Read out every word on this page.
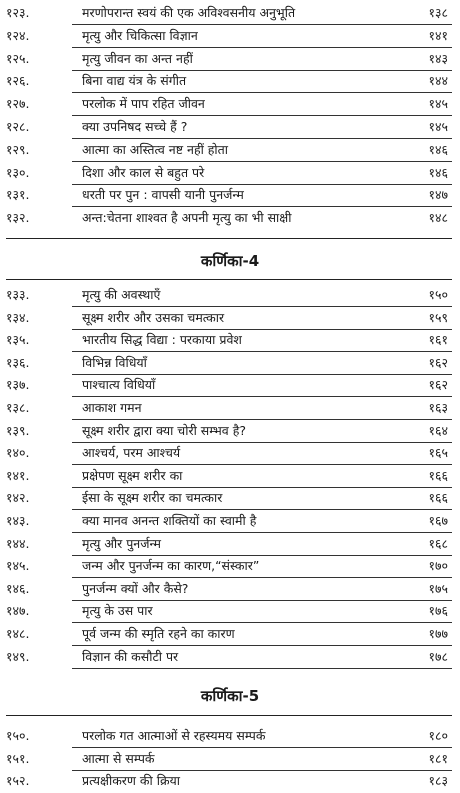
१२३.	मरणोपरान्त स्वयं की एक अविश्वसनीय अनुभूति	१३८
१२४.	मृत्यु और चिकित्सा विज्ञान	१४१
१२५.	मृत्यु जीवन का अन्त नहीं	१४३
१२६.	बिना वाद्य यंत्र के संगीत	१४४
१२७.	परलोक में पाप रहित जीवन	१४५
१२८.	क्या उपनिषद सच्चे हैं ?	१४५
१२९.	आत्मा का अस्तित्व नष्ट नहीं होता	१४६
१३०.	दिशा और काल से बहुत परे	१४६
१३१.	धरती पर पुन : वापसी यानी पुनर्जन्म	१४७
१३२.	अन्त:चेतना शाश्वत है अपनी मृत्यु का भी साक्षी	१४८
कर्णिका-4
१३३.	मृत्यु की अवस्थाएँ	१५०
१३४.	सूक्ष्म शरीर और उसका चमत्कार	१५९
१३५.	भारतीय सिद्ध विद्या : परकाया प्रवेश	१६१
१३६.	विभिन्न विधियाँ	१६२
१३७.	पाश्चात्य विधियाँ	१६२
१३८.	आकाश गमन	१६३
१३९.	सूक्ष्म शरीर द्वारा क्या चोरी सम्भव है?	१६४
१४०.	आश्चर्य, परम आश्चर्य	१६५
१४१.	प्रक्षेपण सूक्ष्म शरीर का	१६६
१४२.	ईसा के सूक्ष्म शरीर का चमत्कार	१६६
१४३.	क्या मानव अनन्त शक्तियों का स्वामी है	१६७
१४४.	मृत्यु और पुनर्जन्म	१६८
१४५.	जन्म और पुनर्जन्म का कारण,“संस्कार”	१७०
१४६.	पुनर्जन्म क्यों और कैसे?	१७५
१४७.	मृत्यु के उस पार	१७६
१४८.	पूर्व जन्म की स्मृति रहने का कारण	१७७
१४९.	विज्ञान की कसौटी पर	१७८
कर्णिका-5
१५०.	परलोक गत आत्माओं से रहस्यमय सम्पर्क	१८०
१५१.	आत्मा से सम्पर्क	१८१
१५२.	प्रत्यक्षीकरण की क्रिया	१८३
